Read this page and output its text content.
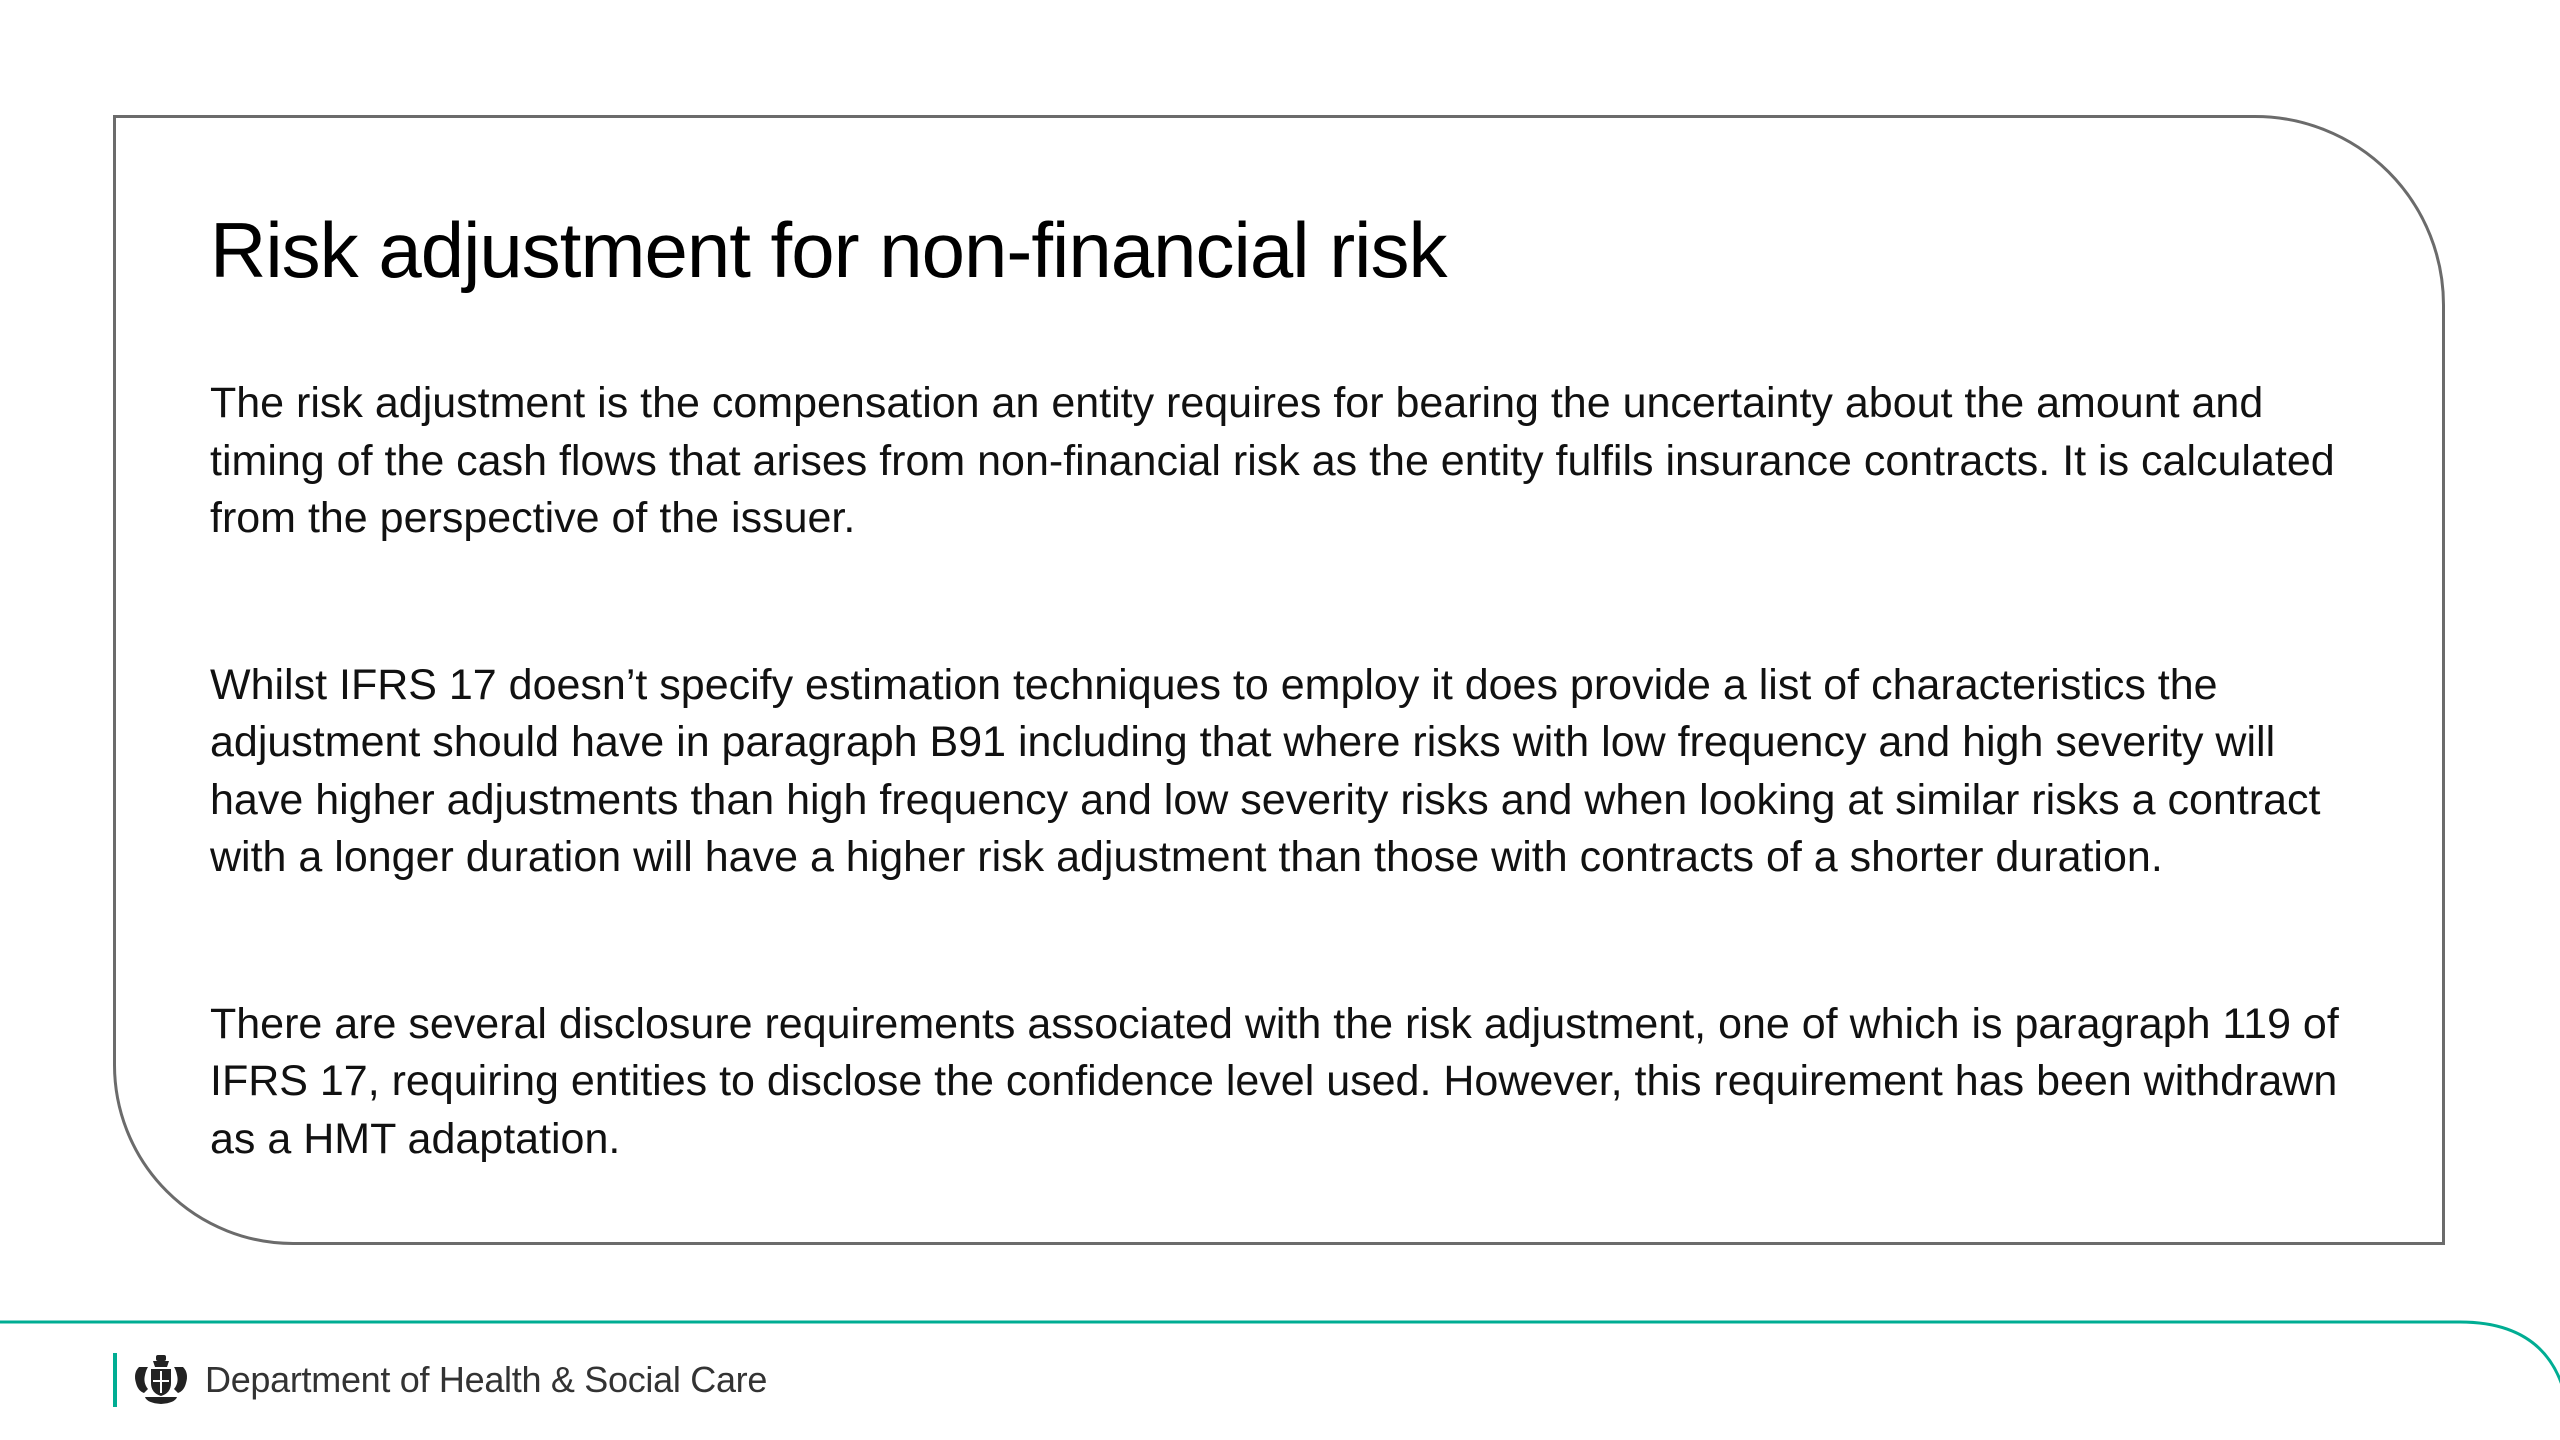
Risk adjustment for non-financial risk

The risk adjustment is the compensation an entity requires for bearing the uncertainty about the amount and timing of the cash flows that arises from non-financial risk as the entity fulfils insurance contracts. It is calculated from the perspective of the issuer.

Whilst IFRS 17 doesn’t specify estimation techniques to employ it does provide a list of characteristics the adjustment should have in paragraph B91 including that where risks with low frequency and high severity will have higher adjustments than high frequency and low severity risks and when looking at similar risks a contract with a longer duration will have a higher risk adjustment than those with contracts of a shorter duration.

There are several disclosure requirements associated with the risk adjustment, one of which is paragraph 119 of IFRS 17, requiring entities to disclose the confidence level used. However, this requirement has been withdrawn as a HMT adaptation.

Department of Health & Social Care
